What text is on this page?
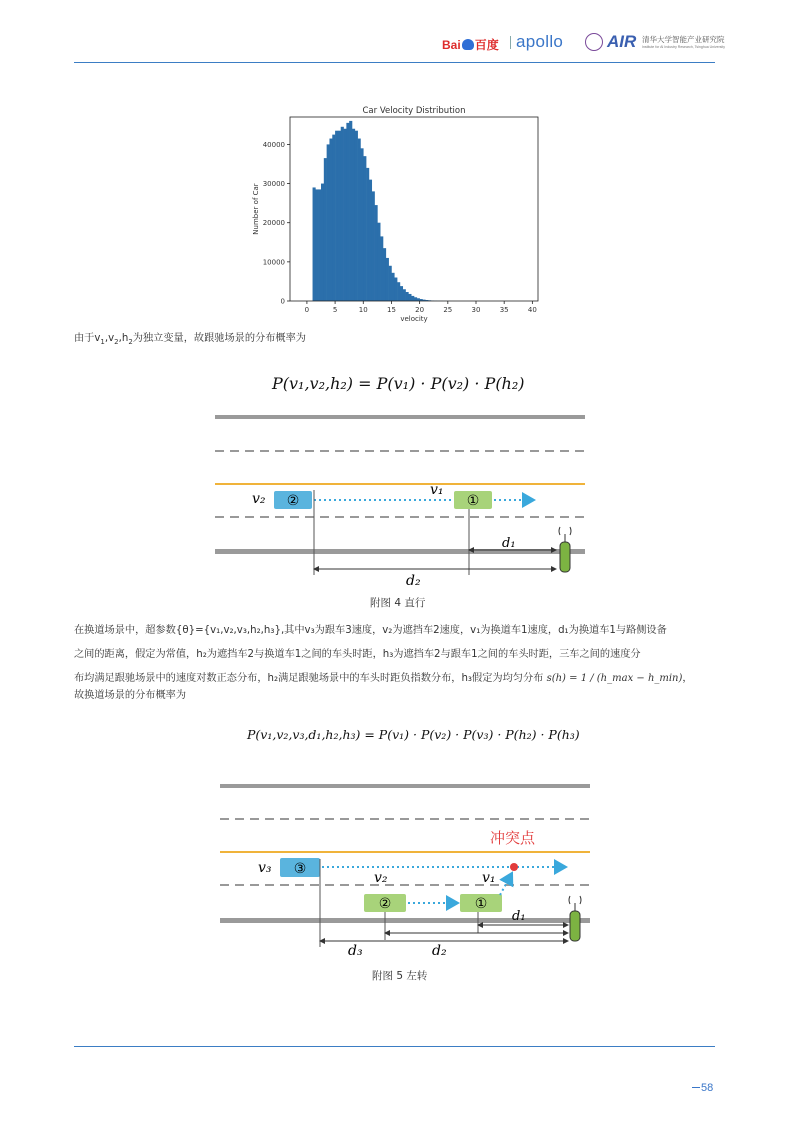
Bai 百度 apollo	AIR 清华大学智能产业研究院
Institute for AI Industry Research, Tsinghua University
0	5	10	15	20	25	30	35	40
0
10000
20000
30000
40000
Car Velocity Distribution
velocity
Number of Car
由于$v_1,v_2,h_2$为独立变量，故跟驰场景的分布概率为
P(v₁,v₂,h₂) = P(v₁) · P(v₂) · P(h₂)
v₂ ②
v₁
①
d₁
d₂
附图 4 直行
在换道场景中，超参数{θ}={v₁,v₂,v₃,h₂,h₃},其中v₃为跟车3速度，v₂为遮挡车2速度，v₁为换道车1速度，d₁为换道车1与路侧设备
之间的距离，假定为常值，h₂为遮挡车2与换道车1之间的车头时距，h₃为遮挡车2与跟车1之间的车头时距，三车之间的速度分
布均满足跟驰场景中的速度对数正态分布，h₂满足跟驰场景中的车头时距负指数分布，h₃假定为均匀分布 s(h) = 1 / (h_max − h_min)，
故换道场景的分布概率为
P(v₁,v₂,v₃,d₁,h₂,h₃) = P(v₁) · P(v₂) · P(v₃) · P(h₂) · P(h₃)
冲突点
v₃ ③
v₂	v₁
②	①
d₁
d₂
d₃
附图 5 左转
58
